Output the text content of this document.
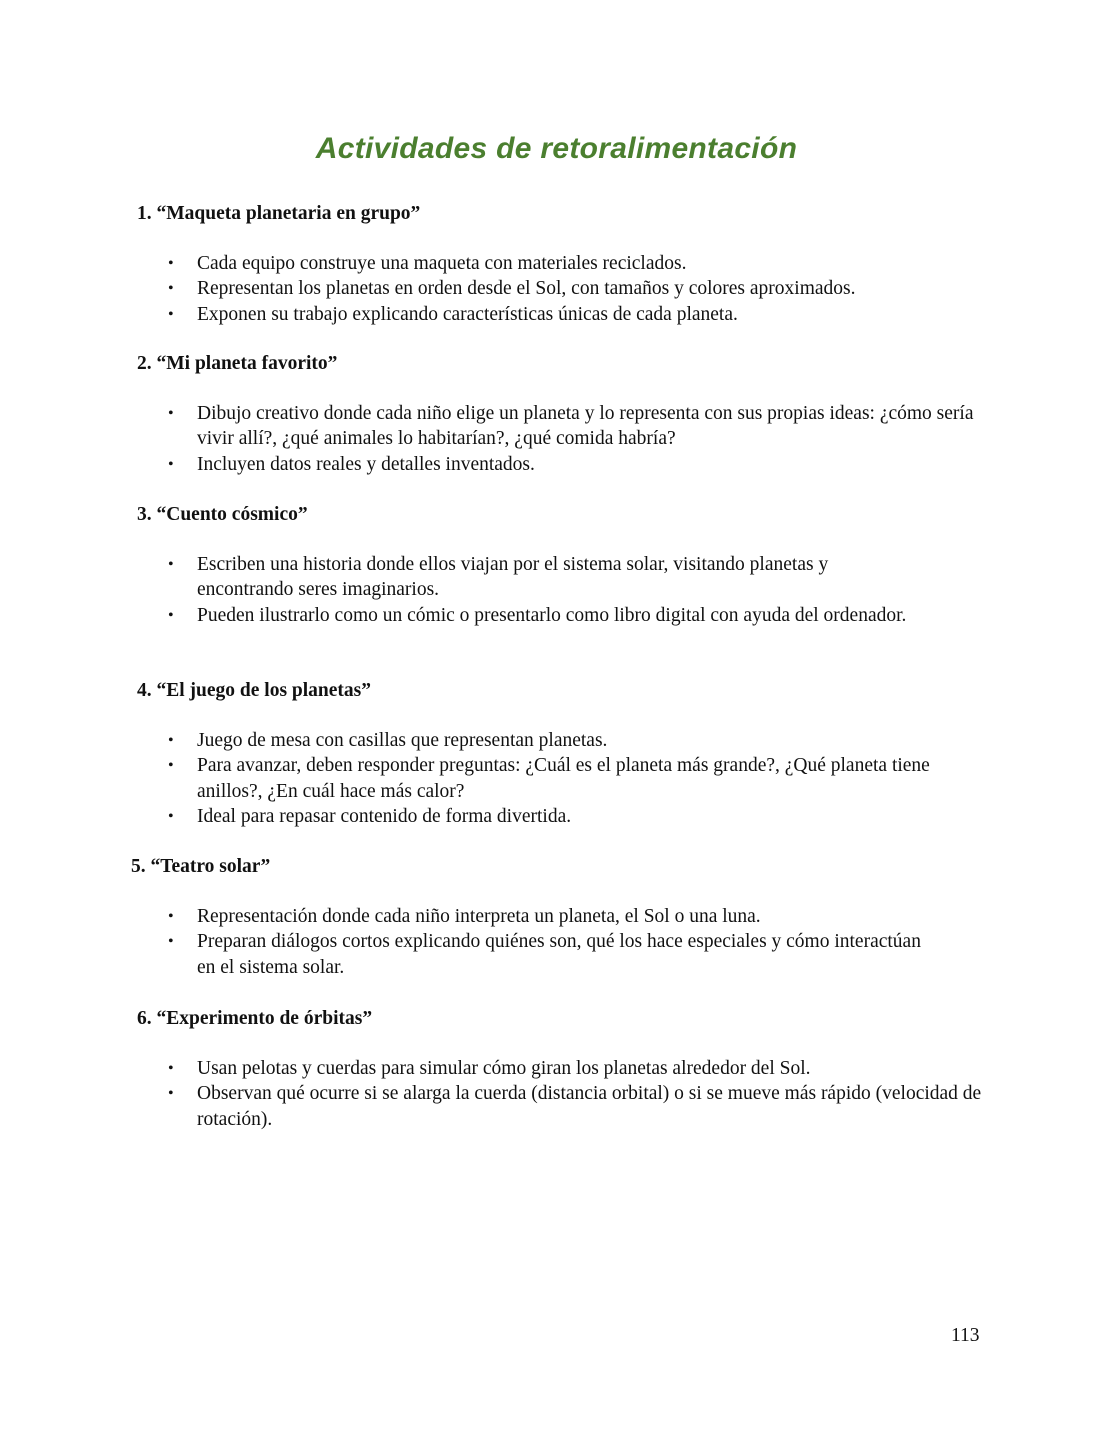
Actividades de retoralimentación

1. “Maqueta planetaria en grupo”

• Cada equipo construye una maqueta con materiales reciclados.
• Representan los planetas en orden desde el Sol, con tamaños y colores aproximados.
• Exponen su trabajo explicando características únicas de cada planeta.

2. “Mi planeta favorito”

• Dibujo creativo donde cada niño elige un planeta y lo representa con sus propias ideas: ¿cómo sería vivir allí?, ¿qué animales lo habitarían?, ¿qué comida habría?
• Incluyen datos reales y detalles inventados.

3. “Cuento cósmico”

• Escriben una historia donde ellos viajan por el sistema solar, visitando planetas y encontrando seres imaginarios.
• Pueden ilustrarlo como un cómic o presentarlo como libro digital con ayuda del ordenador.

4. “El juego de los planetas”

• Juego de mesa con casillas que representan planetas.
• Para avanzar, deben responder preguntas: ¿Cuál es el planeta más grande?, ¿Qué planeta tiene anillos?, ¿En cuál hace más calor?
• Ideal para repasar contenido de forma divertida.

5. “Teatro solar”

• Representación donde cada niño interpreta un planeta, el Sol o una luna.
• Preparan diálogos cortos explicando quiénes son, qué los hace especiales y cómo interactúan en el sistema solar.

6. “Experimento de órbitas”

• Usan pelotas y cuerdas para simular cómo giran los planetas alrededor del Sol.
• Observan qué ocurre si se alarga la cuerda (distancia orbital) o si se mueve más rápido (velocidad de rotación).
113
